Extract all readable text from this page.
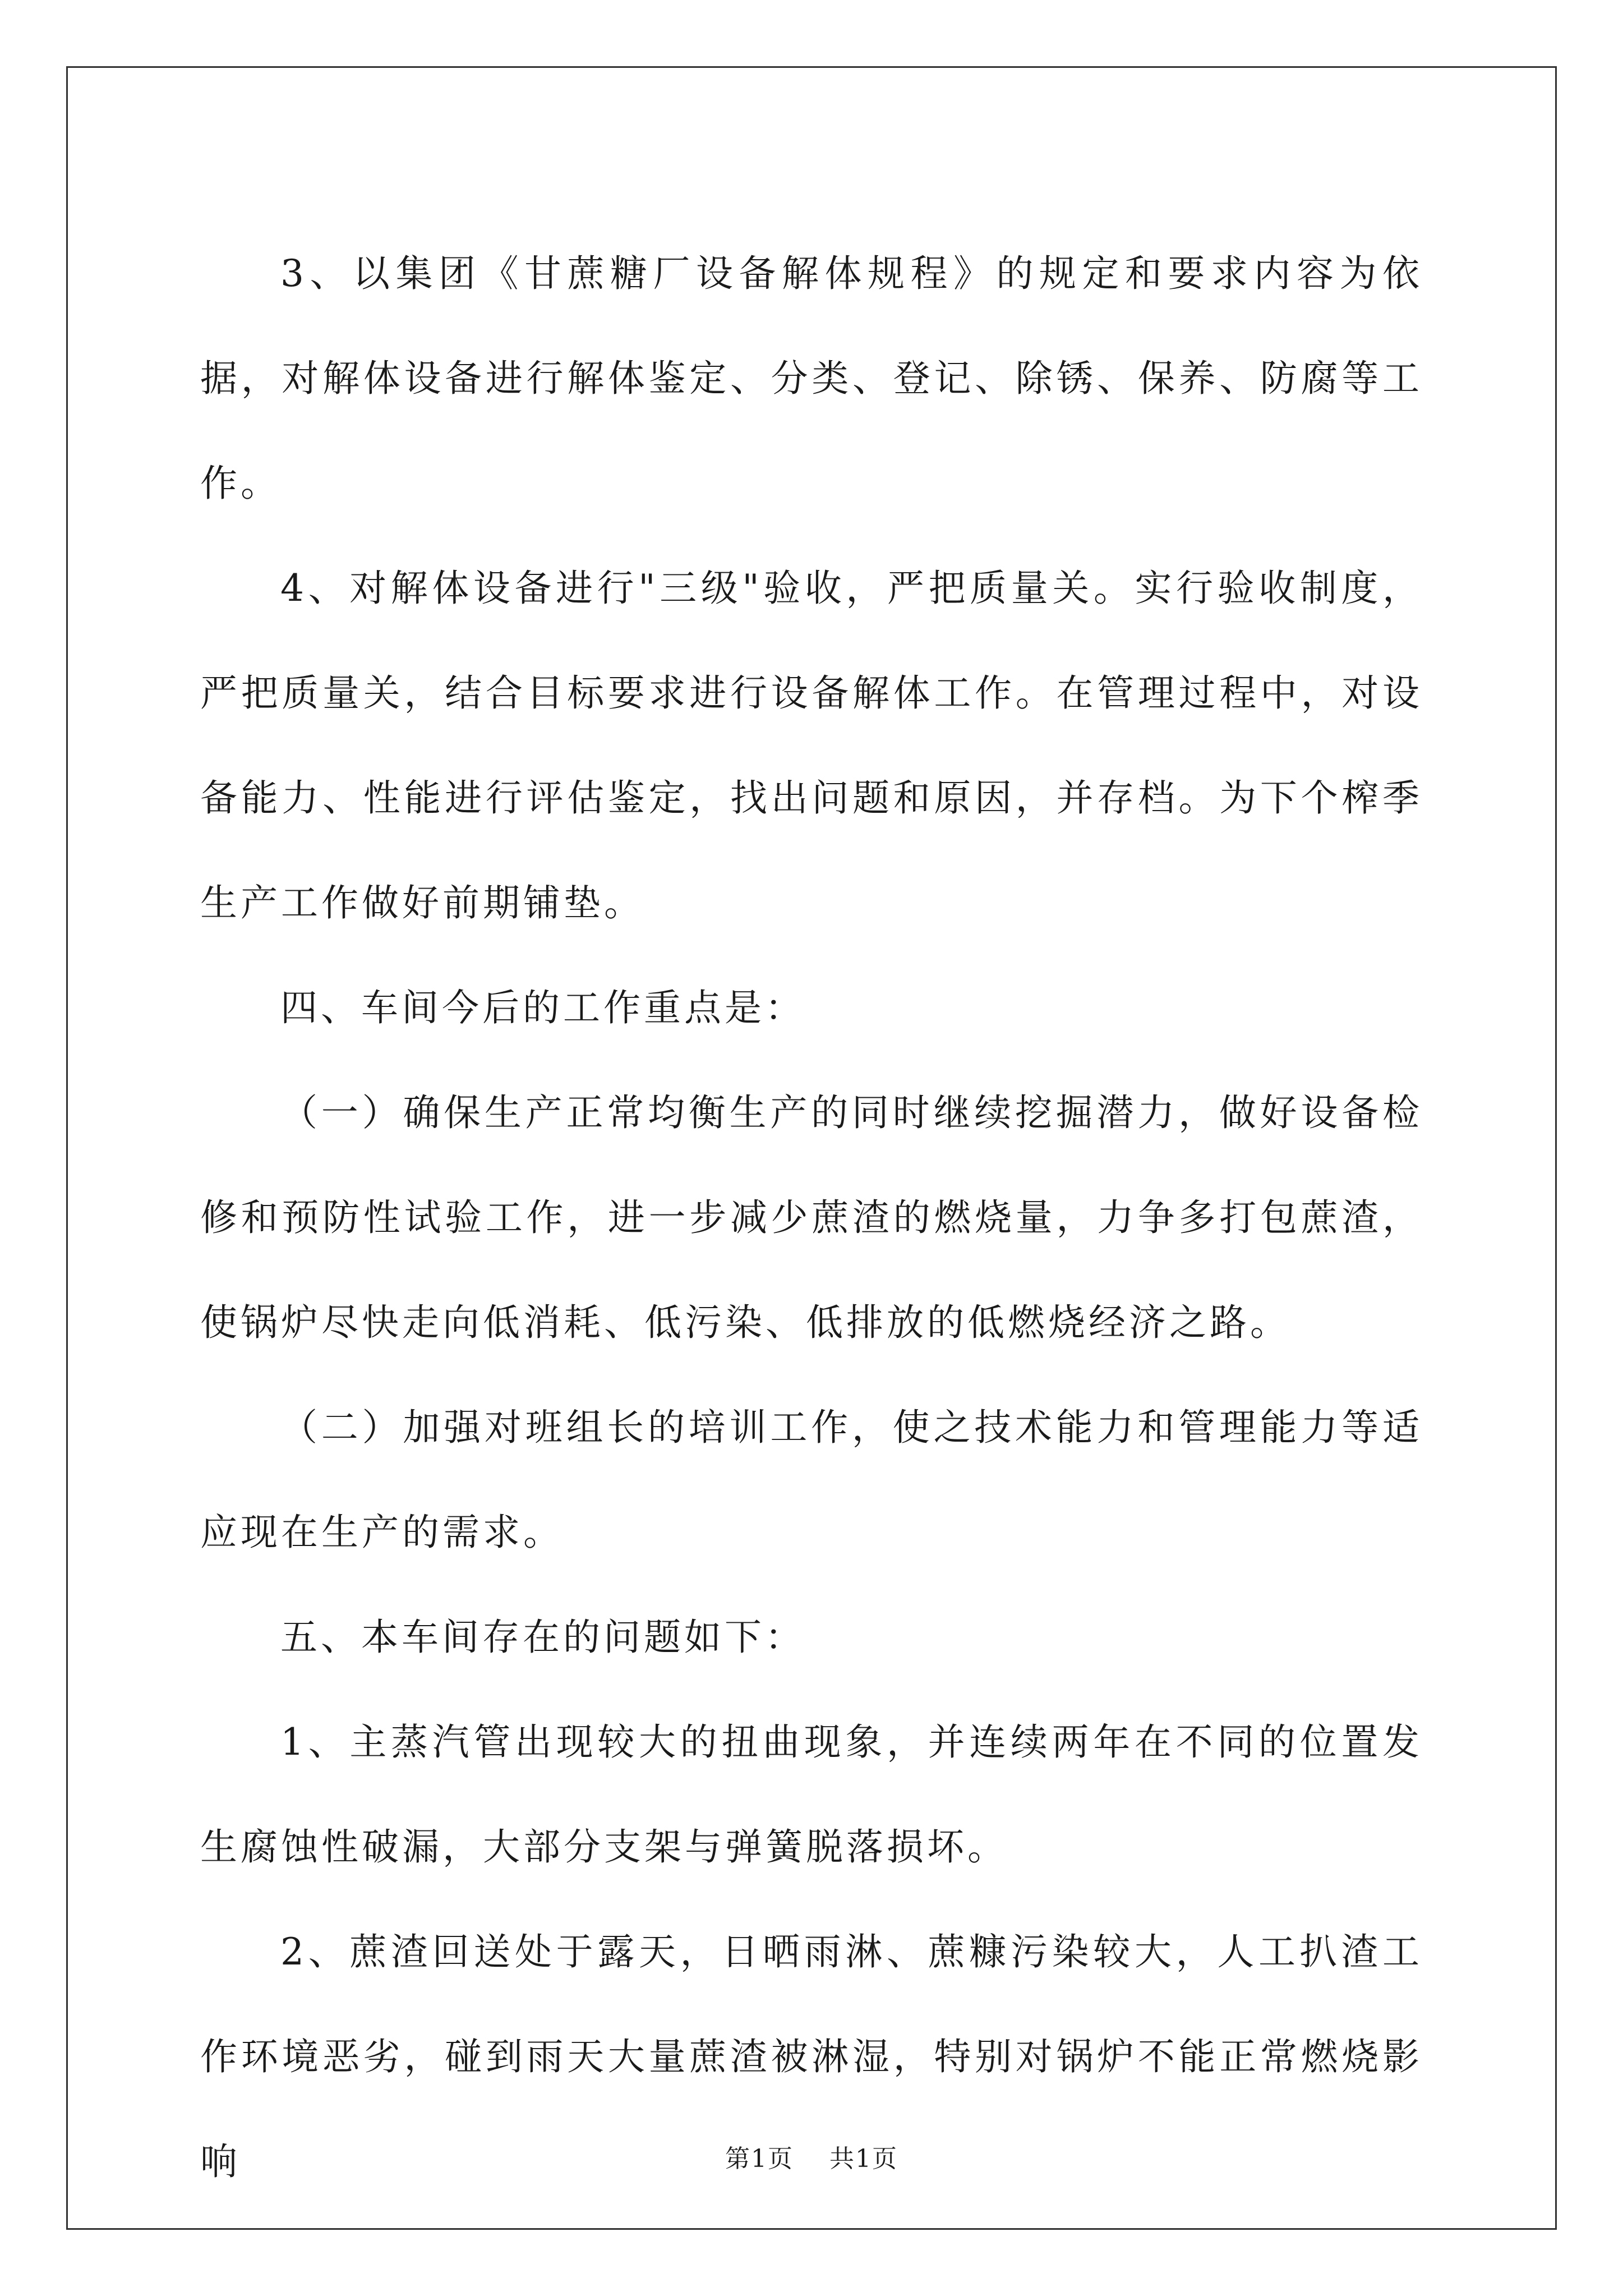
3、以集团《甘蔗糖厂设备解体规程》的规定和要求内容为依据，对解体设备进行解体鉴定、分类、登记、除锈、保养、防腐等工作。

4、对解体设备进行"三级"验收，严把质量关。实行验收制度，严把质量关，结合目标要求进行设备解体工作。在管理过程中，对设备能力、性能进行评估鉴定，找出问题和原因，并存档。为下个榨季生产工作做好前期铺垫。

四、车间今后的工作重点是：

（一）确保生产正常均衡生产的同时继续挖掘潜力，做好设备检修和预防性试验工作，进一步减少蔗渣的燃烧量，力争多打包蔗渣，使锅炉尽快走向低消耗、低污染、低排放的低燃烧经济之路。

（二）加强对班组长的培训工作，使之技术能力和管理能力等适应现在生产的需求。

五、本车间存在的问题如下：

1、主蒸汽管出现较大的扭曲现象，并连续两年在不同的位置发生腐蚀性破漏，大部分支架与弹簧脱落损坏。

2、蔗渣回送处于露天，日晒雨淋、蔗糠污染较大，人工扒渣工作环境恶劣，碰到雨天大量蔗渣被淋湿，特别对锅炉不能正常燃烧影响	第1页 共1页
